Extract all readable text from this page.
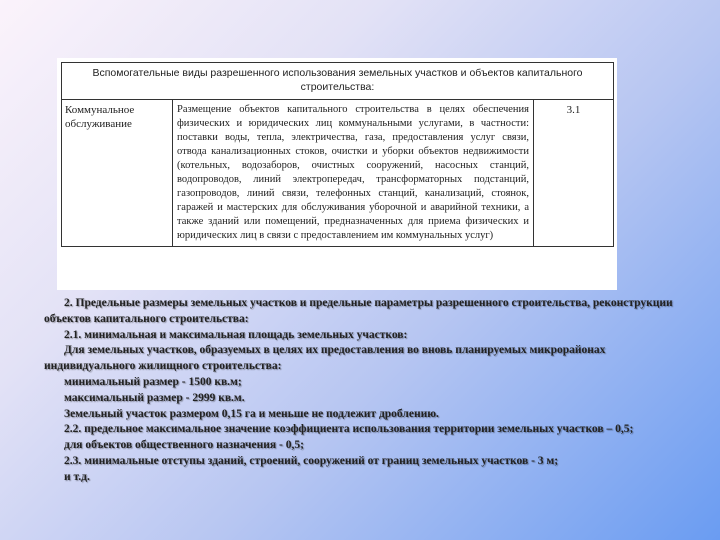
Вспомогательные виды разрешенного использования земельных участков и объектов капитального строительства:
Коммунальное обслуживание	Размещение объектов капитального строительства в целях обеспечения физических и юридических лиц коммунальными услугами, в частности: поставки воды, тепла, электричества, газа, предоставления услуг связи, отвода канализационных стоков, очистки и уборки объектов недвижимости (котельных, водозаборов, очистных сооружений, насосных станций, водопроводов, линий электропередач, трансформаторных подстанций, газопроводов, линий связи, телефонных станций, канализаций, стоянок, гаражей и мастерских для обслуживания уборочной и аварийной техники, а также зданий или помещений, предназначенных для приема физических и юридических лиц в связи с предоставлением им коммунальных услуг)	3.1

2. Предельные размеры земельных участков и предельные параметры разрешенного строительства, реконструкции объектов капитального строительства:

2.1. минимальная и максимальная площадь земельных участков:

Для земельных участков, образуемых в целях их предоставления во вновь планируемых микрорайонах индивидуального жилищного строительства:

минимальный размер - 1500 кв.м;

максимальный размер - 2999 кв.м.

Земельный участок размером 0,15 га и меньше не подлежит дроблению.

2.2. предельное максимальное значение коэффициента использования территории земельных участков – 0,5;

для объектов общественного назначения - 0,5;

2.3. минимальные отступы зданий, строений, сооружений от границ земельных участков - 3 м;

и т.д.
